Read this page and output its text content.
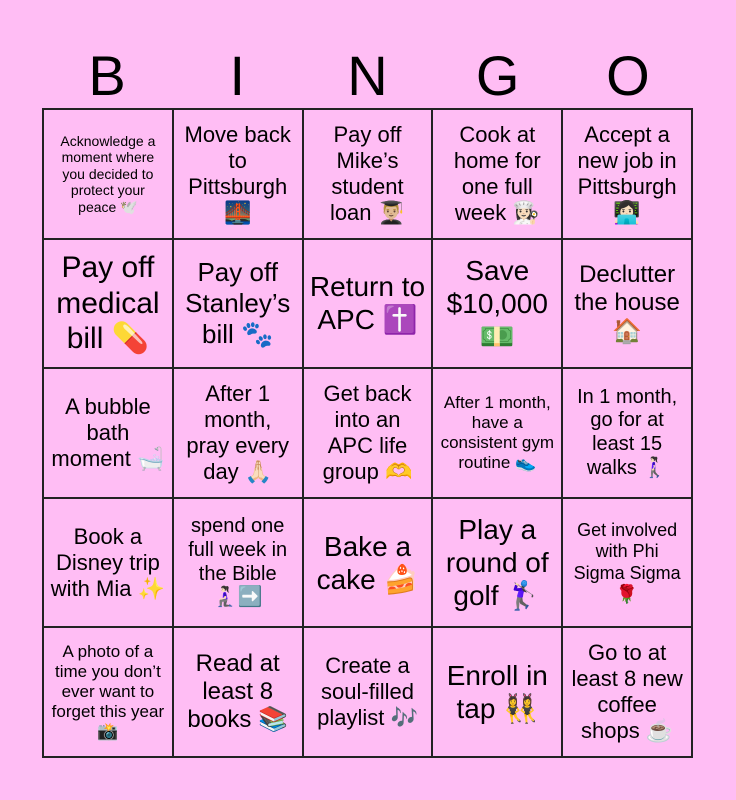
B	I	N	G	O
Acknowledge a moment where you decided to protect your peace 🕊️
Move back to Pittsburgh 🌉
Pay off Mike’s student loan 👨🏼‍🎓
Cook at home for one full week 👩🏻‍🍳
Accept a new job in Pittsburgh 👩🏻‍💻
Pay off medical bill 💊
Pay off Stanley’s bill 🐾
Return to APC ✝️
Save $10,000 💵
Declutter the house 🏠
A bubble bath moment 🛁
After 1 month, pray every day 🙏🏻
Get back into an APC life group 🫶
After 1 month, have a consistent gym routine 👟
In 1 month, go for at least 15 walks 🚶🏻‍♀️
Book a Disney trip with Mia ✨
spend one full week in the Bible 🧎🏻‍♀️➡️
Bake a cake 🍰
Play a round of golf 🏌🏻‍♀️
Get involved with Phi Sigma Sigma 🌹
A photo of a time you don’t ever want to forget this year 📸
Read at least 8 books 📚
Create a soul-filled playlist 🎶
Enroll in tap 👯‍♀️
Go to at least 8 new coffee shops ☕
